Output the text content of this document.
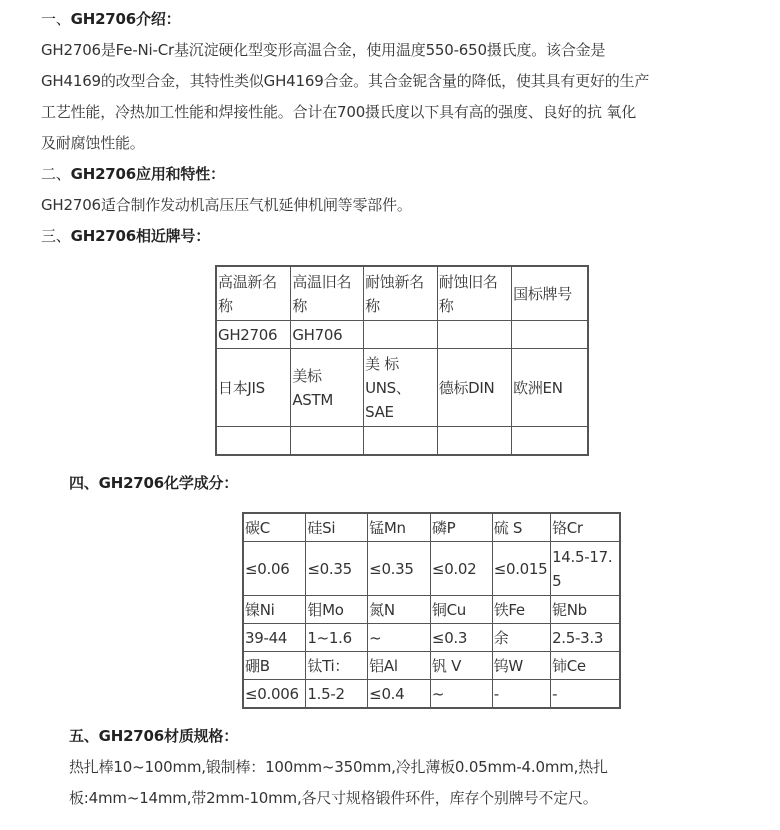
一、GH2706介绍：
GH2706是Fe-Ni-Cr基沉淀硬化型变形高温合金，使用温度550-650摄氏度。该合金是
GH4169的改型合金，其特性类似GH4169合金。其合金铌含量的降低，使其具有更好的生产
工艺性能，冷热加工性能和焊接性能。合计在700摄氏度以下具有高的强度、良好的抗 氧化
及耐腐蚀性能。
二、GH2706应用和特性：
GH2706适合制作发动机高压压气机延伸机闸等零部件。
三、GH2706相近牌号：
高温新名称	高温旧名称	耐蚀新名称	耐蚀旧名称	国标牌号
GH2706	GH706			
日本JIS	美标ASTM	美 标UNS、SAE	德标DIN	欧洲EN

四、GH2706化学成分：
碳C	硅Si	锰Mn	磷P	硫 S	铬Cr
≤0.06	≤0.35	≤0.35	≤0.02	≤0.015	14.5-17.5
镍Ni	钼Mo	氮N	铜Cu	铁Fe	铌Nb
39-44	1~1.6	~	≤0.3	余	2.5-3.3
硼B	钛Ti：	铝Al	钒 V	钨W	铈Ce
≤0.006	1.5-2	≤0.4	~	-	-
五、GH2706材质规格：
热扎棒10~100mm,锻制棒：100mm~350mm,冷扎薄板0.05mm-4.0mm,热扎
板:4mm~14mm,带2mm-10mm,各尺寸规格锻件环件，库存个别牌号不定尺。
